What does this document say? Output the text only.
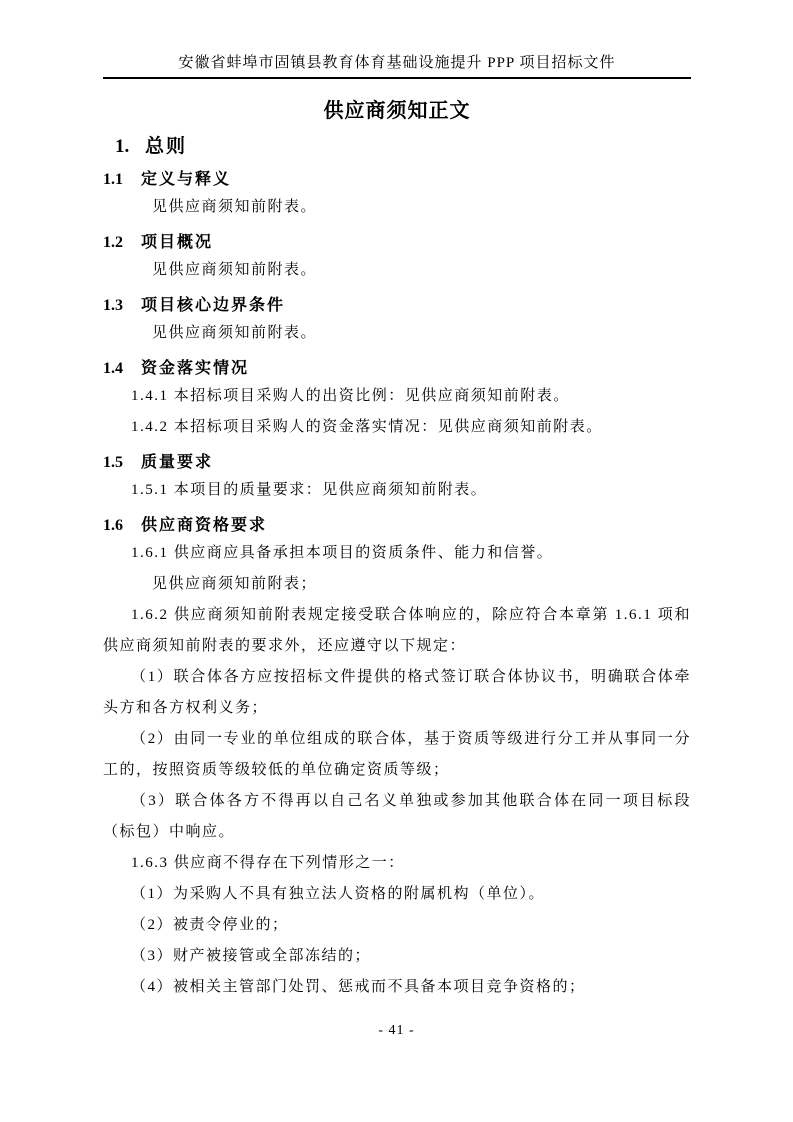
安徽省蚌埠市固镇县教育体育基础设施提升 PPP 项目招标文件
供应商须知正文
1. 总则
1.1 定义与释义
见供应商须知前附表。
1.2 项目概况
见供应商须知前附表。
1.3 项目核心边界条件
见供应商须知前附表。
1.4 资金落实情况
1.4.1 本招标项目采购人的出资比例：见供应商须知前附表。
1.4.2 本招标项目采购人的资金落实情况：见供应商须知前附表。
1.5 质量要求
1.5.1 本项目的质量要求：见供应商须知前附表。
1.6 供应商资格要求
1.6.1 供应商应具备承担本项目的资质条件、能力和信誉。
见供应商须知前附表；
1.6.2 供应商须知前附表规定接受联合体响应的，除应符合本章第 1.6.1 项和供应商须知前附表的要求外，还应遵守以下规定：
（1）联合体各方应按招标文件提供的格式签订联合体协议书，明确联合体牵头方和各方权利义务；
（2）由同一专业的单位组成的联合体，基于资质等级进行分工并从事同一分工的，按照资质等级较低的单位确定资质等级；
（3）联合体各方不得再以自己名义单独或参加其他联合体在同一项目标段（标包）中响应。
1.6.3 供应商不得存在下列情形之一：
（1）为采购人不具有独立法人资格的附属机构（单位）。
（2）被责令停业的；
（3）财产被接管或全部冻结的；
（4）被相关主管部门处罚、惩戒而不具备本项目竞争资格的；
- 41 -
